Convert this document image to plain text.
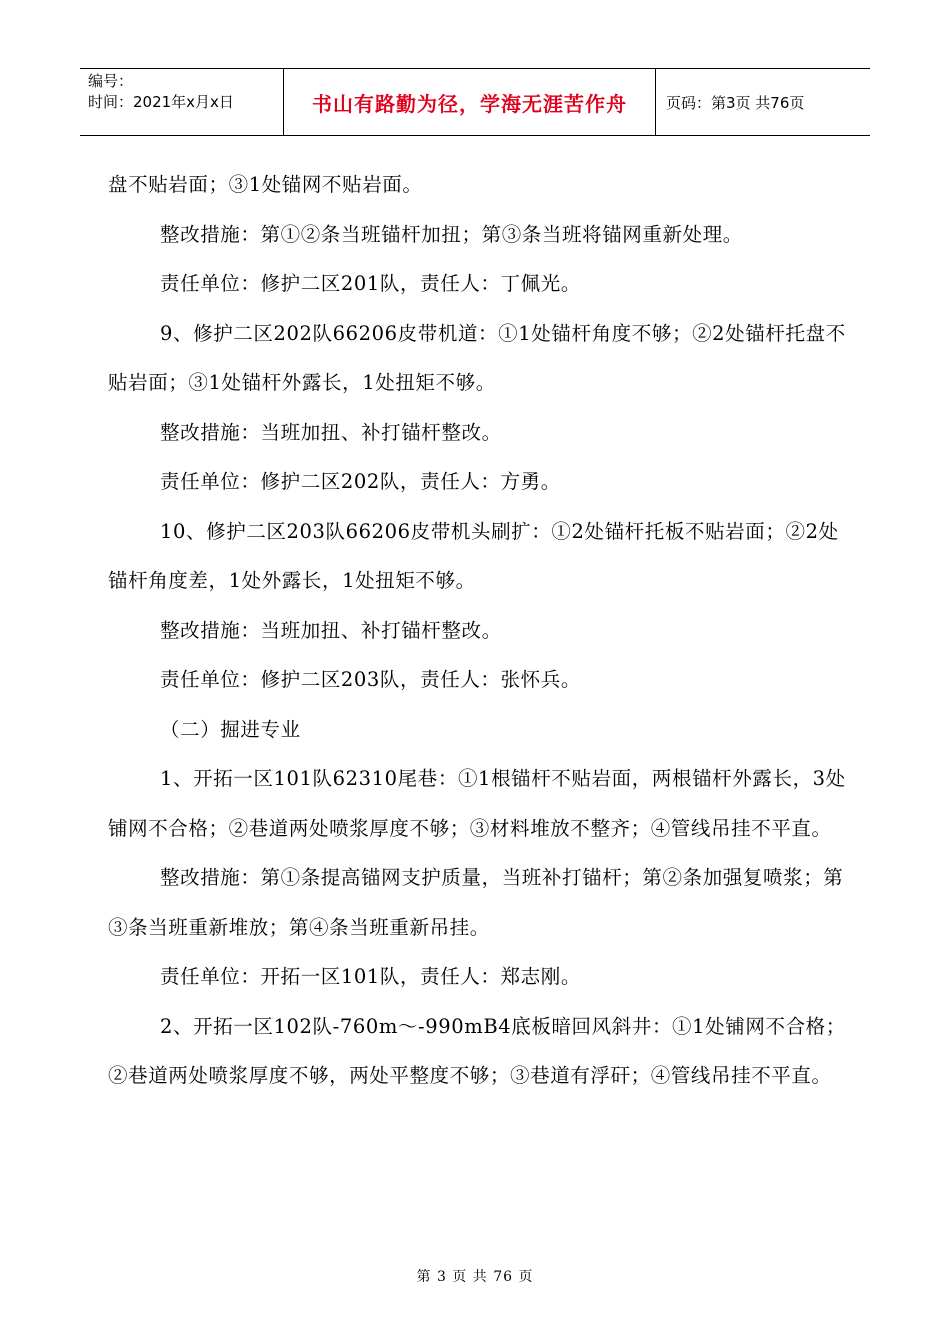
编号：
时间：2021年x月x日	书山有路勤为径，学海无涯苦作舟	页码：第3页 共76页

盘不贴岩面；③1处锚网不贴岩面。

整改措施：第①②条当班锚杆加扭；第③条当班将锚网重新处理。

责任单位：修护二区201队，责任人：丁佩光。

9、修护二区202队66206皮带机道：①1处锚杆角度不够；②2处锚杆托盘不贴岩面；③1处锚杆外露长，1处扭矩不够。

整改措施：当班加扭、补打锚杆整改。

责任单位：修护二区202队，责任人：方勇。

10、修护二区203队66206皮带机头刷扩：①2处锚杆托板不贴岩面；②2处锚杆角度差，1处外露长，1处扭矩不够。

整改措施：当班加扭、补打锚杆整改。

责任单位：修护二区203队，责任人：张怀兵。

（二）掘进专业

1、开拓一区101队62310尾巷：①1根锚杆不贴岩面，两根锚杆外露长，3处铺网不合格；②巷道两处喷浆厚度不够；③材料堆放不整齐；④管线吊挂不平直。

整改措施：第①条提高锚网支护质量，当班补打锚杆；第②条加强复喷浆；第③条当班重新堆放；第④条当班重新吊挂。

责任单位：开拓一区101队，责任人：郑志刚。

2、开拓一区102队-760m～-990mB4底板暗回风斜井：①1处铺网不合格；②巷道两处喷浆厚度不够，两处平整度不够；③巷道有浮矸；④管线吊挂不平直。

第 3 页 共 76 页
